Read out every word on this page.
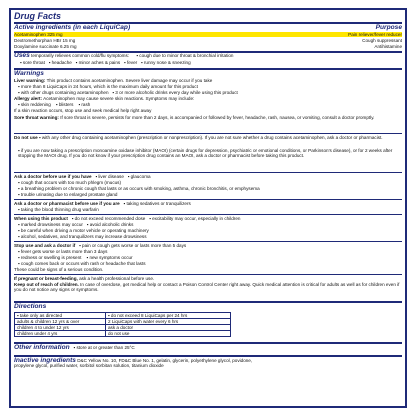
Drug Facts
Active ingredients (in each LiquiCap)	Purpose
Acetaminophen 325 mg	Pain reliever/fever reducer
Dextromethorphan HBr 15 mg	Cough suppressant
Doxylamine succinate 6.25 mg	Antihistamine
Uses temporarily relieves common cold/flu symptoms: ▪ cough due to minor throat & bronchial irritation
▪ sore throat ▪ headache ▪ minor aches & pains ▪ fever ▪ runny nose & sneezing
Warnings
Liver warning: This product contains acetaminophen. Severe liver damage may occur if you take
▪ more than 8 LiquiCaps in 24 hours, which is the maximum daily amount for this product
▪ with other drugs containing acetaminophen ▪ 3 or more alcoholic drinks every day while using this product
Allergy alert: Acetaminophen may cause severe skin reactions. Symptoms may include:
▪ skin reddening ▪ blisters ▪ rash
If a skin reaction occurs, stop use and seek medical help right away
Sore throat warning: If sore throat is severe, persists for more than 2 days, is accompanied or followed by fever, headache, rash, nausea, or vomiting, consult a doctor promptly.
Do not use ▪ with any other drug containing acetaminophen (prescription or nonprescription). If you are not sure whether a drug contains acetaminophen, ask a doctor or pharmacist.
▪ if you are now taking a prescription monoamine oxidase inhibitor (MAOI) (certain drugs for depression, psychiatric or emotional conditions, or Parkinson's disease), or for 2 weeks after stopping the MAOI drug. If you do not know if your prescription drug contains an MAOI, ask a doctor or pharmacist before taking this product.
Ask a doctor before use if you have ▪ liver disease ▪ glaucoma
▪ cough that occurs with too much phlegm (mucus)
▪ a breathing problem or chronic cough that lasts or as occurs with smoking, asthma, chronic bronchitis, or emphysema
▪ trouble urinating due to enlarged prostate gland
Ask a doctor or pharmacist before use if you are ▪ taking sedatives or tranquilizers
▪ taking the blood thinning drug warfarin
When using this product ▪ do not exceed recommended dose ▪ excitability may occur, especially in children
▪ marked drowsiness may occur ▪ avoid alcoholic drinks
▪ be careful when driving a motor vehicle or operating machinery
▪ alcohol, sedatives, and tranquilizers may increase drowsiness
Stop use and ask a doctor if ▪ pain or cough gets worse or lasts more than 5 days
▪ fever gets worse or lasts more than 3 days
▪ redness or swelling is present ▪ new symptoms occur
▪ cough comes back or occurs with rash or headache that lasts
These could be signs of a serious condition.
If pregnant or breast-feeding, ask a health professional before use.
Keep out of reach of children. In case of overdose, get medical help or contact a Poison Control Center right away. Quick medical attention is critical for adults as well as for children even if you do not notice any signs or symptoms.
Directions
▪ take only as directed	▪ do not exceed 8 LiquiCaps per 24 hrs
adults & children 12 yrs & over	2 LiquiCaps with water every 6 hrs
children 4 to under 12 yrs	ask a doctor
children under 4 yrs	do not use
Other information ▪ store at or greater than 25°C
Inactive ingredients D&C Yellow No. 10, FD&C Blue No. 1, gelatin, glycerin, polyethylene glycol, povidone, propylene glycol, purified water, sorbitol sorbitan solution, titanium dioxide
